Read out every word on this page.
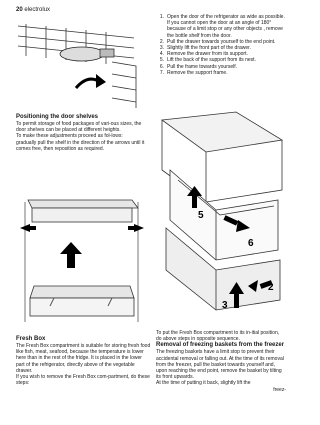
20 electrolux
Positioning the door shelves

To permit storage of food packages of vari-ous sizes, the door shelves can be placed at different heights.

To make these adjustments proceed as fol-lows:

gradually pull the shelf in the direction of the arrows until it comes free, then reposition as required.

Fresh Box

The Fresh Box compartment is suitable for storing fresh food like fish, meat, seafood, because the temperature is lower here than in the rest of the fridge. It is placed in the lower part of the refrigerator, directly above of the vegetable drawer.

If you wish to remove the Fresh Box com-partment, do these steps:

1. Open the door of the refrigerator as wide as possible. If you cannot open the door at an angle of 180° because of a limit stop or any other objects , remove the bottle shelf from the door.
2. Pull the drawer towards yourself to the end point.
3. Slightly lift the front part of the drawer.
4. Remove the drawer from its support.
5. Lift the back of the support from its nest.
6. Pull the frame towards yourself.
7. Remove the support frame.
5
6
2
3

To put the Fresh Box compartment to its in-itial position, do above steps in opposite sequence.

Removal of freezing baskets from the freezer

The freezing baskets have a limit stop to prevent their accidental removal or falling out. At the time of its removal from the freezer, pull the basket towards yourself and, upon reaching the end point, remove the basket by tilting its front upwards.

At the time of putting it back, slightly lift the

freez-
